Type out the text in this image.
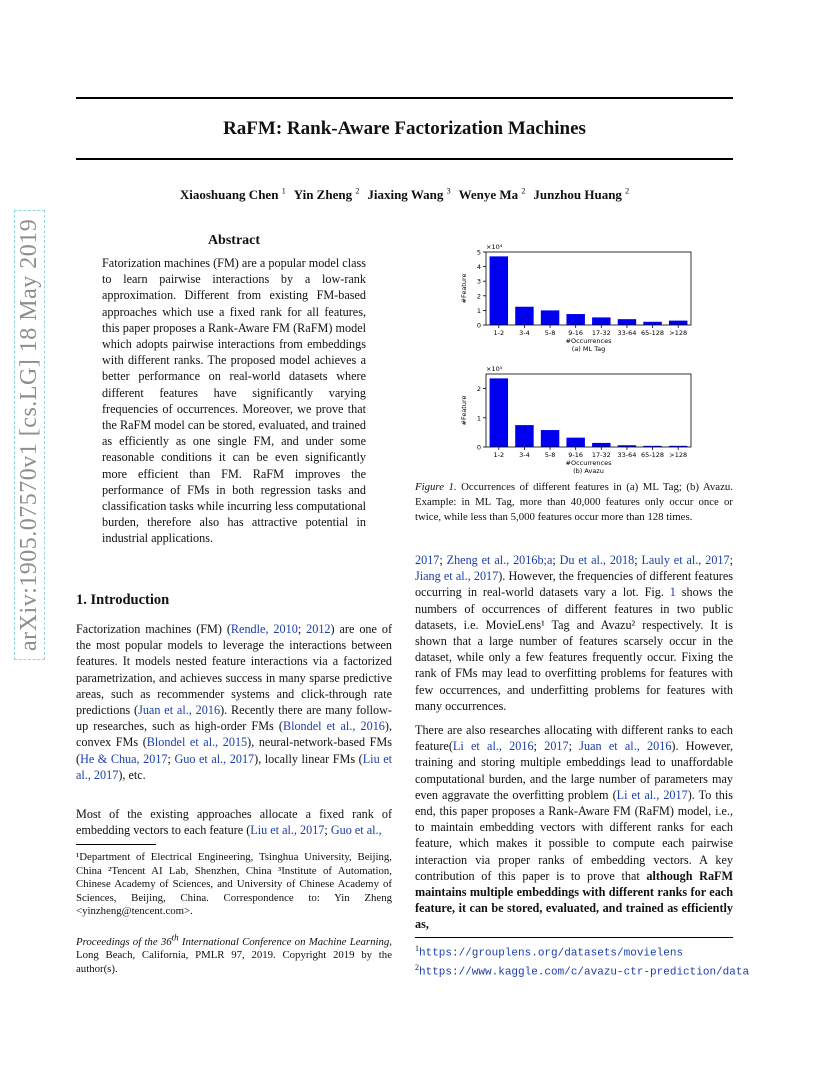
RaFM: Rank-Aware Factorization Machines
Xiaoshuang Chen $^1$ Yin Zheng $^2$ Jiaxing Wang $^3$ Wenye Ma $^2$ Junzhou Huang $^2$
arXiv:1905.07570v1 [cs.LG] 18 May 2019	Abstract

Fatorization machines (FM) are a popular model class to learn pairwise interactions by a low-rank approximation. Different from existing FM-based approaches which use a fixed rank for all features, this paper proposes a Rank-Aware FM (RaFM) model which adopts pairwise interactions from embeddings with different ranks. The proposed model achieves a better performance on real-world datasets where different features have significantly varying frequencies of occurrences. Moreover, we prove that the RaFM model can be stored, evaluated, and trained as efficiently as one single FM, and under some reasonable conditions it can be even significantly more efficient than FM. RaFM improves the performance of FMs in both regression tasks and classification tasks while incurring less computational burden, therefore also has attractive potential in industrial applications.

1. Introduction

Factorization machines (FM) (Rendle, 2010; 2012) are one of the most popular models to leverage the interactions between features. It models nested feature interactions via a factorized parametrization, and achieves success in many sparse predictive areas, such as recommender systems and click-through rate predictions (Juan et al., 2016). Recently there are many follow-up researches, such as high-order FMs (Blondel et al., 2016), convex FMs (Blondel et al., 2015), neural-network-based FMs (He & Chua, 2017; Guo et al., 2017), locally linear FMs (Liu et al., 2017), etc.

Most of the existing approaches allocate a fixed rank of embedding vectors to each feature (Liu et al., 2017; Guo et al.,

¹Department of Electrical Engineering, Tsinghua University, Beijing, China ²Tencent AI Lab, Shenzhen, China ³Institute of Automation, Chinese Academy of Sciences, and University of Chinese Academy of Sciences, Beijing, China. Correspondence to: Yin Zheng <yinzheng@tencent.com>.

Proceedings of the 36th International Conference on Machine Learning, Long Beach, California, PMLR 97, 2019. Copyright 2019 by the author(s).

0
1
2
3
4
5
1-2 3-4 5-8 9-16 17-32 33-64 65-128 >128
×10⁴
#Feature
#Occurrences
(a) ML Tag
0
1
2
1-2 3-4 5-8 9-16 17-32 33-64 65-128 >128
×10⁵
#Feature
#Occurrences
(b) Avazu

Figure 1. Occurrences of different features in (a) ML Tag; (b) Avazu. Example: in ML Tag, more than 40,000 features only occur once or twice, while less than 5,000 features occur more than 128 times.

2017; Zheng et al., 2016b;a; Du et al., 2018; Lauly et al., 2017; Jiang et al., 2017). However, the frequencies of different features occurring in real-world datasets vary a lot. Fig. 1 shows the numbers of occurrences of different features in two public datasets, i.e. MovieLens¹ Tag and Avazu² respectively. It is shown that a large number of features scarsely occur in the dataset, while only a few features frequently occur. Fixing the rank of FMs may lead to overfitting problems for features with few occurrences, and underfitting problems for features with many occurrences.

There are also researches allocating with different ranks to each feature(Li et al., 2016; 2017; Juan et al., 2016). However, training and storing multiple embeddings lead to unaffordable computational burden, and the large number of parameters may even aggravate the overfitting problem (Li et al., 2017). To this end, this paper proposes a Rank-Aware FM (RaFM) model, i.e., to maintain embedding vectors with different ranks for each feature, which makes it possible to compute each pairwise interaction via proper ranks of embedding vectors. A key contribution of this paper is to prove that although RaFM maintains multiple embeddings with different ranks for each feature, it can be stored, evaluated, and trained as efficiently as,

$^1$https://grouplens.org/datasets/movielens
$^2$https://www.kaggle.com/c/avazu-ctr-prediction/data
